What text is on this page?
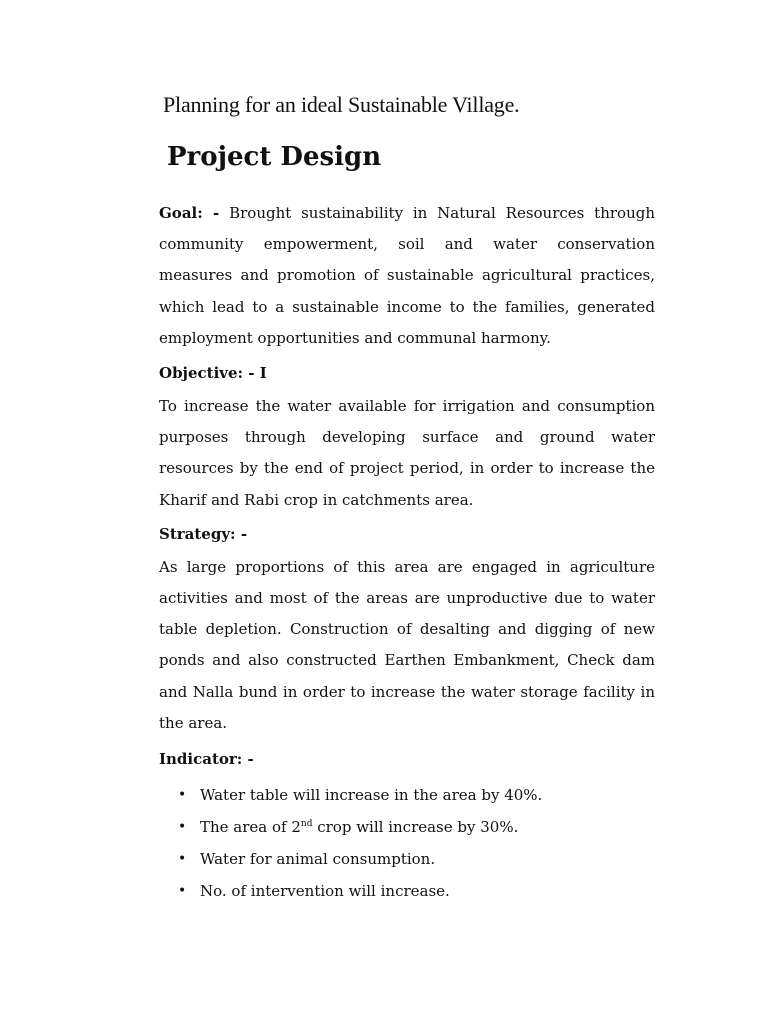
Planning for an ideal Sustainable Village.

Project Design

Goal: - Brought sustainability in Natural Resources through community empowerment, soil and water conservation measures and promotion of sustainable agricultural practices, which lead to a sustainable income to the families, generated employment opportunities and communal harmony.

Objective: - I

To increase the water available for irrigation and consumption purposes through developing surface and ground water resources by the end of project period, in order to increase the Kharif and Rabi crop in catchments area.

Strategy: -

As large proportions of this area are engaged in agriculture activities and most of the areas are unproductive due to water table depletion. Construction of desalting and digging of new ponds and also constructed Earthen Embankment, Check dam and Nalla bund in order to increase the water storage facility in the area.

Indicator: -

• Water table will increase in the area by 40%.
• The area of 2nd crop will increase by 30%.
• Water for animal consumption.
• No. of intervention will increase.
